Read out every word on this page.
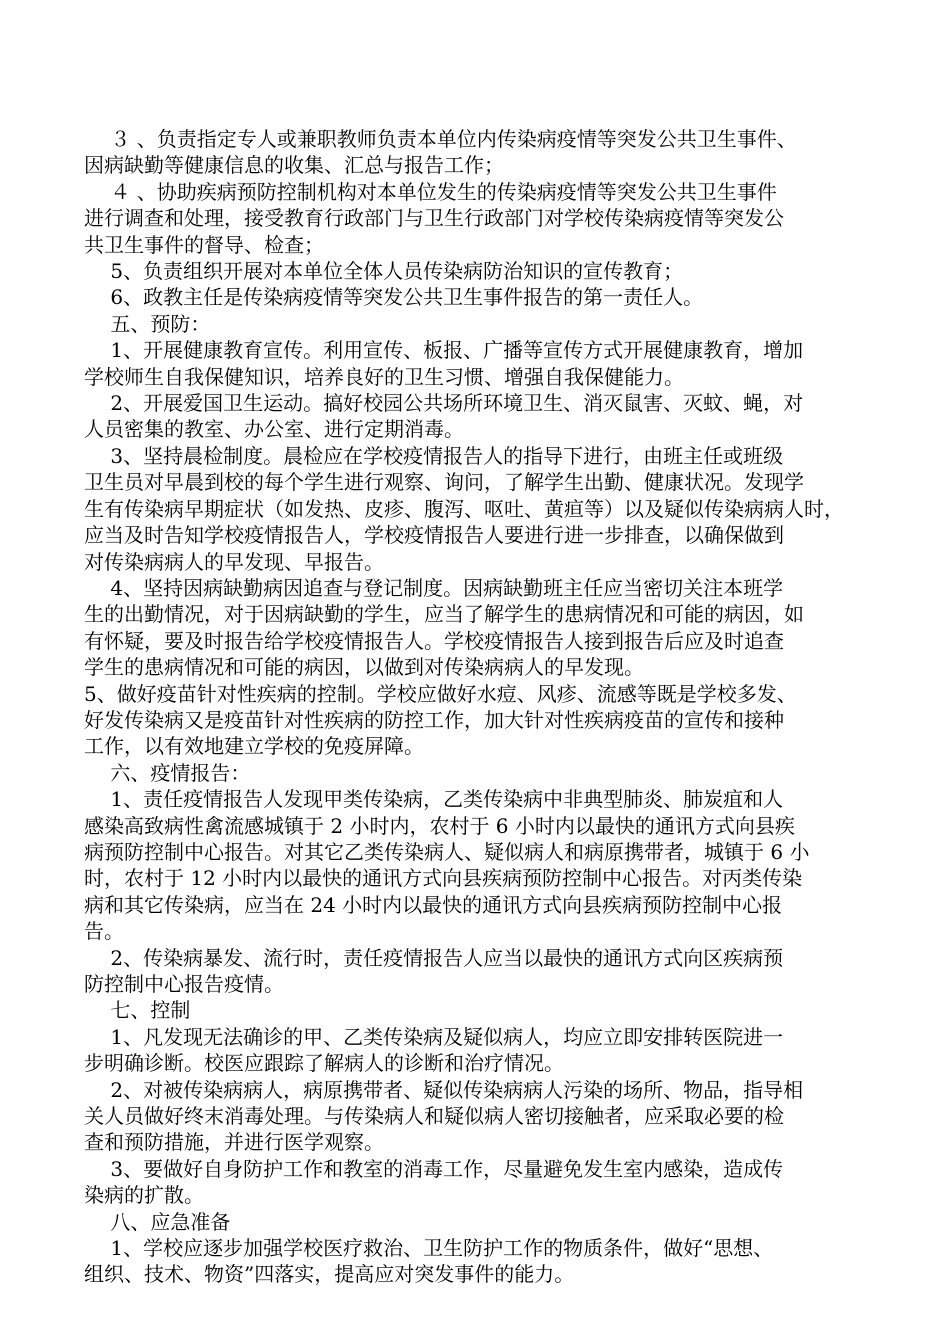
　 ３ 、负责指定专人或兼职教师负责本单位内传染病疫情等突发公共卫生事件、
因病缺勤等健康信息的收集、汇总与报告工作；
　 ４ 、协助疾病预防控制机构对本单位发生的传染病疫情等突发公共卫生事件
进行调查和处理，接受教育行政部门与卫生行政部门对学校传染病疫情等突发公
共卫生事件的督导、检查；
　 5、负责组织开展对本单位全体人员传染病防治知识的宣传教育；
　 6、政教主任是传染病疫情等突发公共卫生事件报告的第一责任人。
　 五、预防：
　 1、开展健康教育宣传。利用宣传、板报、广播等宣传方式开展健康教育，增加
学校师生自我保健知识，培养良好的卫生习惯、增强自我保健能力。
　 2、开展爱国卫生运动。搞好校园公共场所环境卫生、消灭鼠害、灭蚊、蝇，对
人员密集的教室、办公室、进行定期消毒。
　 3、坚持晨检制度。晨检应在学校疫情报告人的指导下进行，由班主任或班级
卫生员对早晨到校的每个学生进行观察、询问，了解学生出勤、健康状况。发现学
生有传染病早期症状（如发热、皮疹、腹泻、呕吐、黄疸等）以及疑似传染病病人时，
应当及时告知学校疫情报告人，学校疫情报告人要进行进一步排查，以确保做到
对传染病病人的早发现、早报告。
　 4、坚持因病缺勤病因追查与登记制度。因病缺勤班主任应当密切关注本班学
生的出勤情况，对于因病缺勤的学生，应当了解学生的患病情况和可能的病因，如
有怀疑，要及时报告给学校疫情报告人。学校疫情报告人接到报告后应及时追查
学生的患病情况和可能的病因，以做到对传染病病人的早发现。
5、做好疫苗针对性疾病的控制。学校应做好水痘、风疹、流感等既是学校多发、
好发传染病又是疫苗针对性疾病的防控工作，加大针对性疾病疫苗的宣传和接种
工作，以有效地建立学校的免疫屏障。
　 六、疫情报告：
　 1、责任疫情报告人发现甲类传染病，乙类传染病中非典型肺炎、肺炭疽和人
感染高致病性禽流感城镇于 2 小时内，农村于 6 小时内以最快的通讯方式向县疾
病预防控制中心报告。对其它乙类传染病人、疑似病人和病原携带者，城镇于 6 小
时，农村于 12 小时内以最快的通讯方式向县疾病预防控制中心报告。对丙类传染
病和其它传染病，应当在 24 小时内以最快的通讯方式向县疾病预防控制中心报
告。
　 2、传染病暴发、流行时，责任疫情报告人应当以最快的通讯方式向区疾病预
防控制中心报告疫情。
　 七、控制
　 1、凡发现无法确诊的甲、乙类传染病及疑似病人，均应立即安排转医院进一
步明确诊断。校医应跟踪了解病人的诊断和治疗情况。
　 2、对被传染病病人，病原携带者、疑似传染病病人污染的场所、物品，指导相
关人员做好终末消毒处理。与传染病人和疑似病人密切接触者，应采取必要的检
查和预防措施，并进行医学观察。
　 3、要做好自身防护工作和教室的消毒工作，尽量避免发生室内感染，造成传
染病的扩散。
　 八、应急准备
　 1、学校应逐步加强学校医疗救治、卫生防护工作的物质条件，做好“思想、
组织、技术、物资”四落实，提高应对突发事件的能力。
